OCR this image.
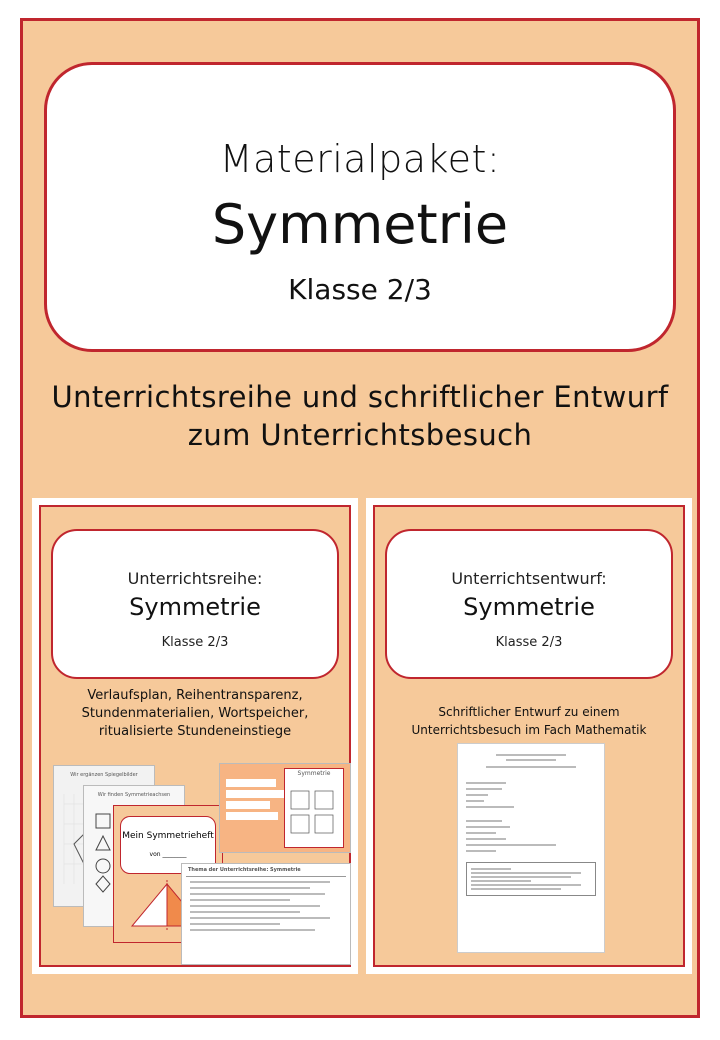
Materialpaket:
Symmetrie
Klasse 2/3
Unterrichtsreihe und schriftlicher Entwurf
zum Unterrichtsbesuch
Unterrichtsreihe:
Symmetrie
Klasse 2/3
Verlaufsplan, Reihentransparenz,
Stundenmaterialien, Wortspeicher,
ritualisierte Stundeneinstiege
Wir ergänzen Spiegelbilder
Wir finden Symmetrieachsen
Mein Symmetrieheft
von ________
Symmetrie
Thema der Unterrichtsreihe: Symmetrie
Unterrichtsentwurf:
Symmetrie
Klasse 2/3
Schriftlicher Entwurf zu einem
Unterrichtsbesuch im Fach Mathematik
